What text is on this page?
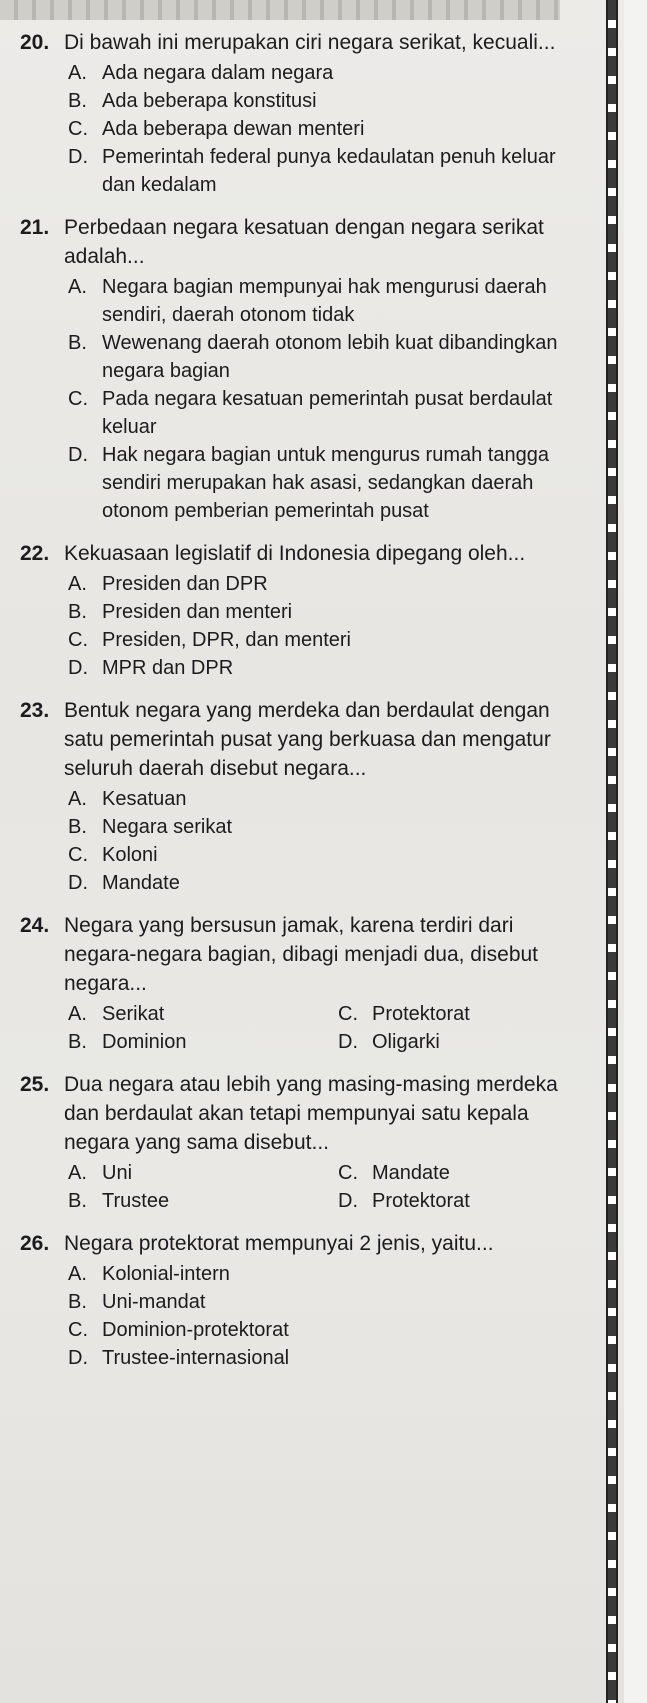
20. Di bawah ini merupakan ciri negara serikat, kecuali...
A. Ada negara dalam negara
B. Ada beberapa konstitusi
C. Ada beberapa dewan menteri
D. Pemerintah federal punya kedaulatan penuh keluar dan kedalam
21. Perbedaan negara kesatuan dengan negara serikat adalah...
A. Negara bagian mempunyai hak mengurusi daerah sendiri, daerah otonom tidak
B. Wewenang daerah otonom lebih kuat dibandingkan negara bagian
C. Pada negara kesatuan pemerintah pusat berdaulat keluar
D. Hak negara bagian untuk mengurus rumah tangga sendiri merupakan hak asasi, sedangkan daerah otonom pemberian pemerintah pusat
22. Kekuasaan legislatif di Indonesia dipegang oleh...
A. Presiden dan DPR
B. Presiden dan menteri
C. Presiden, DPR, dan menteri
D. MPR dan DPR
23. Bentuk negara yang merdeka dan berdaulat dengan satu pemerintah pusat yang berkuasa dan mengatur seluruh daerah disebut negara...
A. Kesatuan
B. Negara serikat
C. Koloni
D. Mandate
24. Negara yang bersusun jamak, karena terdiri dari negara-negara bagian, dibagi menjadi dua, disebut negara...
A. Serikat	C. Protektorat
B. Dominion	D. Oligarki
25. Dua negara atau lebih yang masing-masing merdeka dan berdaulat akan tetapi mempunyai satu kepala negara yang sama disebut...
A. Uni	C. Mandate
B. Trustee	D. Protektorat
26. Negara protektorat mempunyai 2 jenis, yaitu...
A. Kolonial-intern
B. Uni-mandat
C. Dominion-protektorat
D. Trustee-internasional
